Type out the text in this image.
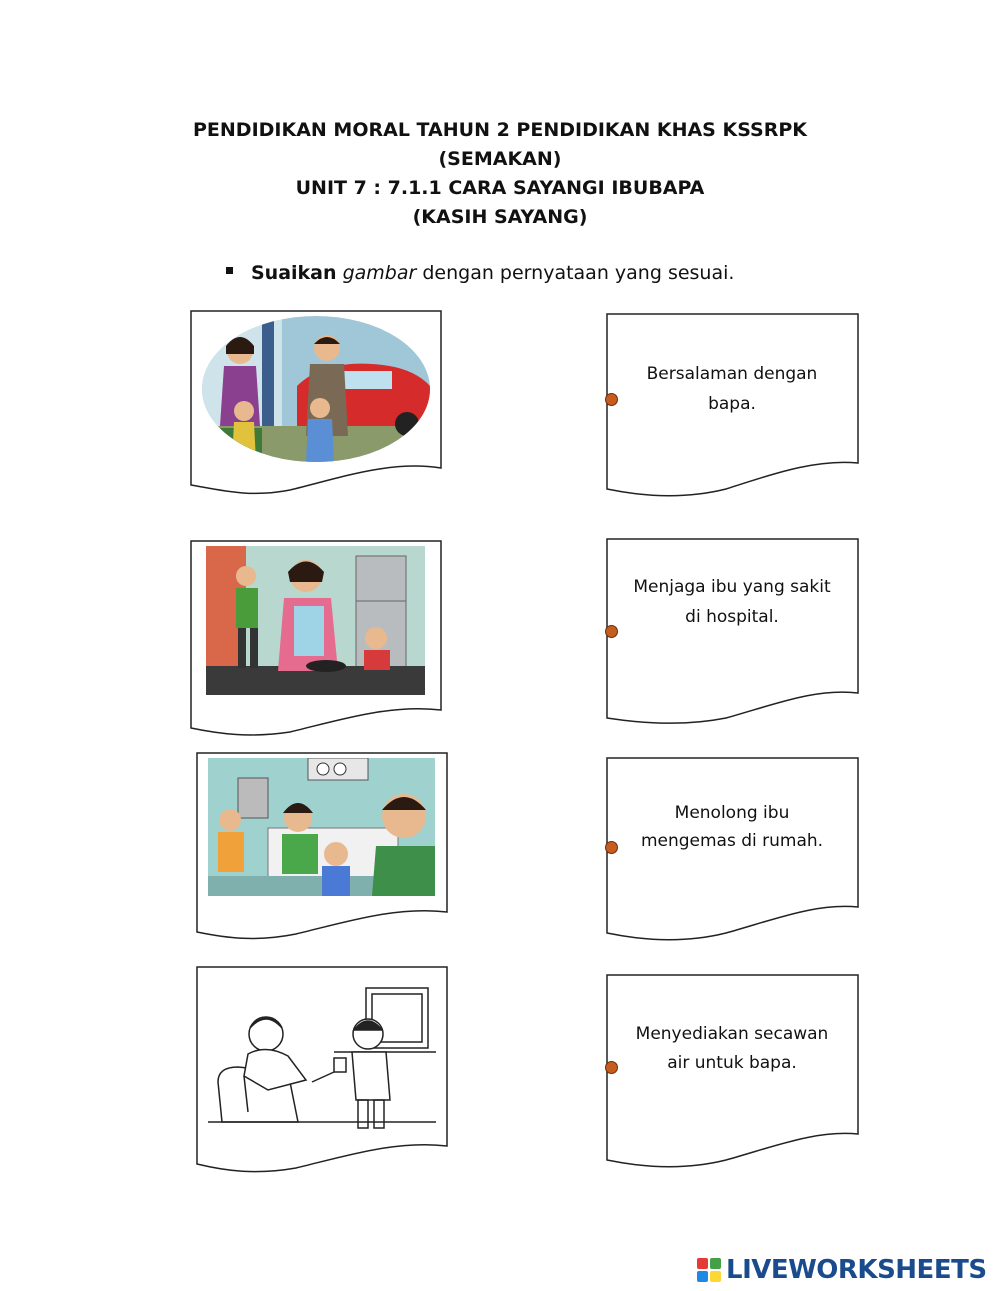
PENDIDIKAN MORAL TAHUN 2 PENDIDIKAN KHAS KSSRPK
(SEMAKAN)
UNIT 7 : 7.1.1 CARA SAYANGI IBUBAPA
(KASIH SAYANG)
Suaikan gambar dengan pernyataan yang sesuai.
Bersalaman dengan
bapa.
Menjaga ibu yang sakit
di hospital.
Menolong ibu
mengemas di rumah.
Menyediakan secawan
air untuk bapa.
LIVEWORKSHEETS
